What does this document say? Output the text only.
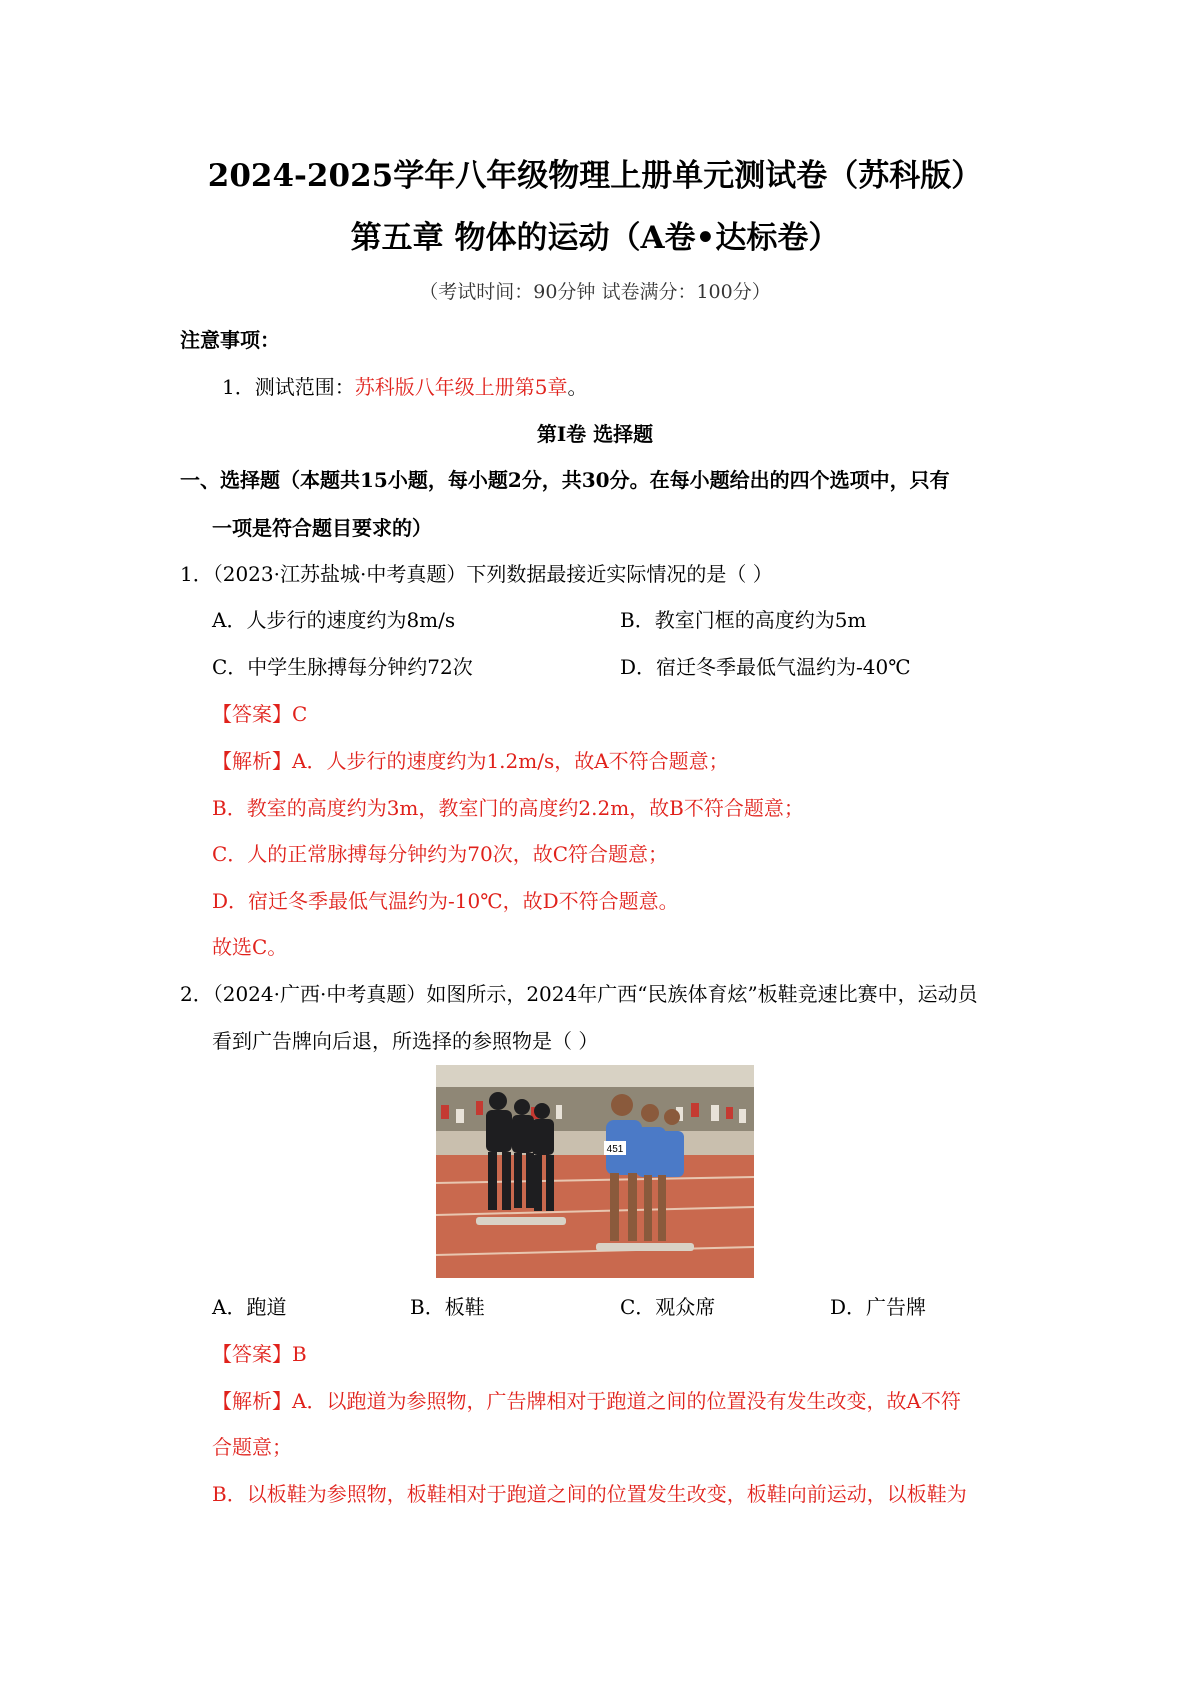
2024-2025学年八年级物理上册单元测试卷（苏科版）
第五章 物体的运动（A卷•达标卷）
（考试时间：90分钟 试卷满分：100分）
注意事项：
1．测试范围：苏科版八年级上册第5章。
第Ⅰ卷 选择题
一、选择题（本题共15小题，每小题2分，共30分。在每小题给出的四个选项中，只有
一项是符合题目要求的）
1．（2023·江苏盐城·中考真题）下列数据最接近实际情况的是（ ）
A．人步行的速度约为8m/s	B．教室门框的高度约为5m
C．中学生脉搏每分钟约72次	D．宿迁冬季最低气温约为-40℃
【答案】C
【解析】A．人步行的速度约为1.2m/s，故A不符合题意；
B．教室的高度约为3m，教室门的高度约2.2m，故B不符合题意；
C．人的正常脉搏每分钟约为70次，故C符合题意；
D．宿迁冬季最低气温约为-10℃，故D不符合题意。
故选C。
2．（2024·广西·中考真题）如图所示，2024年广西“民族体育炫”板鞋竞速比赛中，运动员
看到广告牌向后退，所选择的参照物是（ ）
451
A．跑道	B．板鞋	C．观众席	D．广告牌
【答案】B
【解析】A．以跑道为参照物，广告牌相对于跑道之间的位置没有发生改变，故A不符
合题意；
B．以板鞋为参照物，板鞋相对于跑道之间的位置发生改变，板鞋向前运动，以板鞋为
